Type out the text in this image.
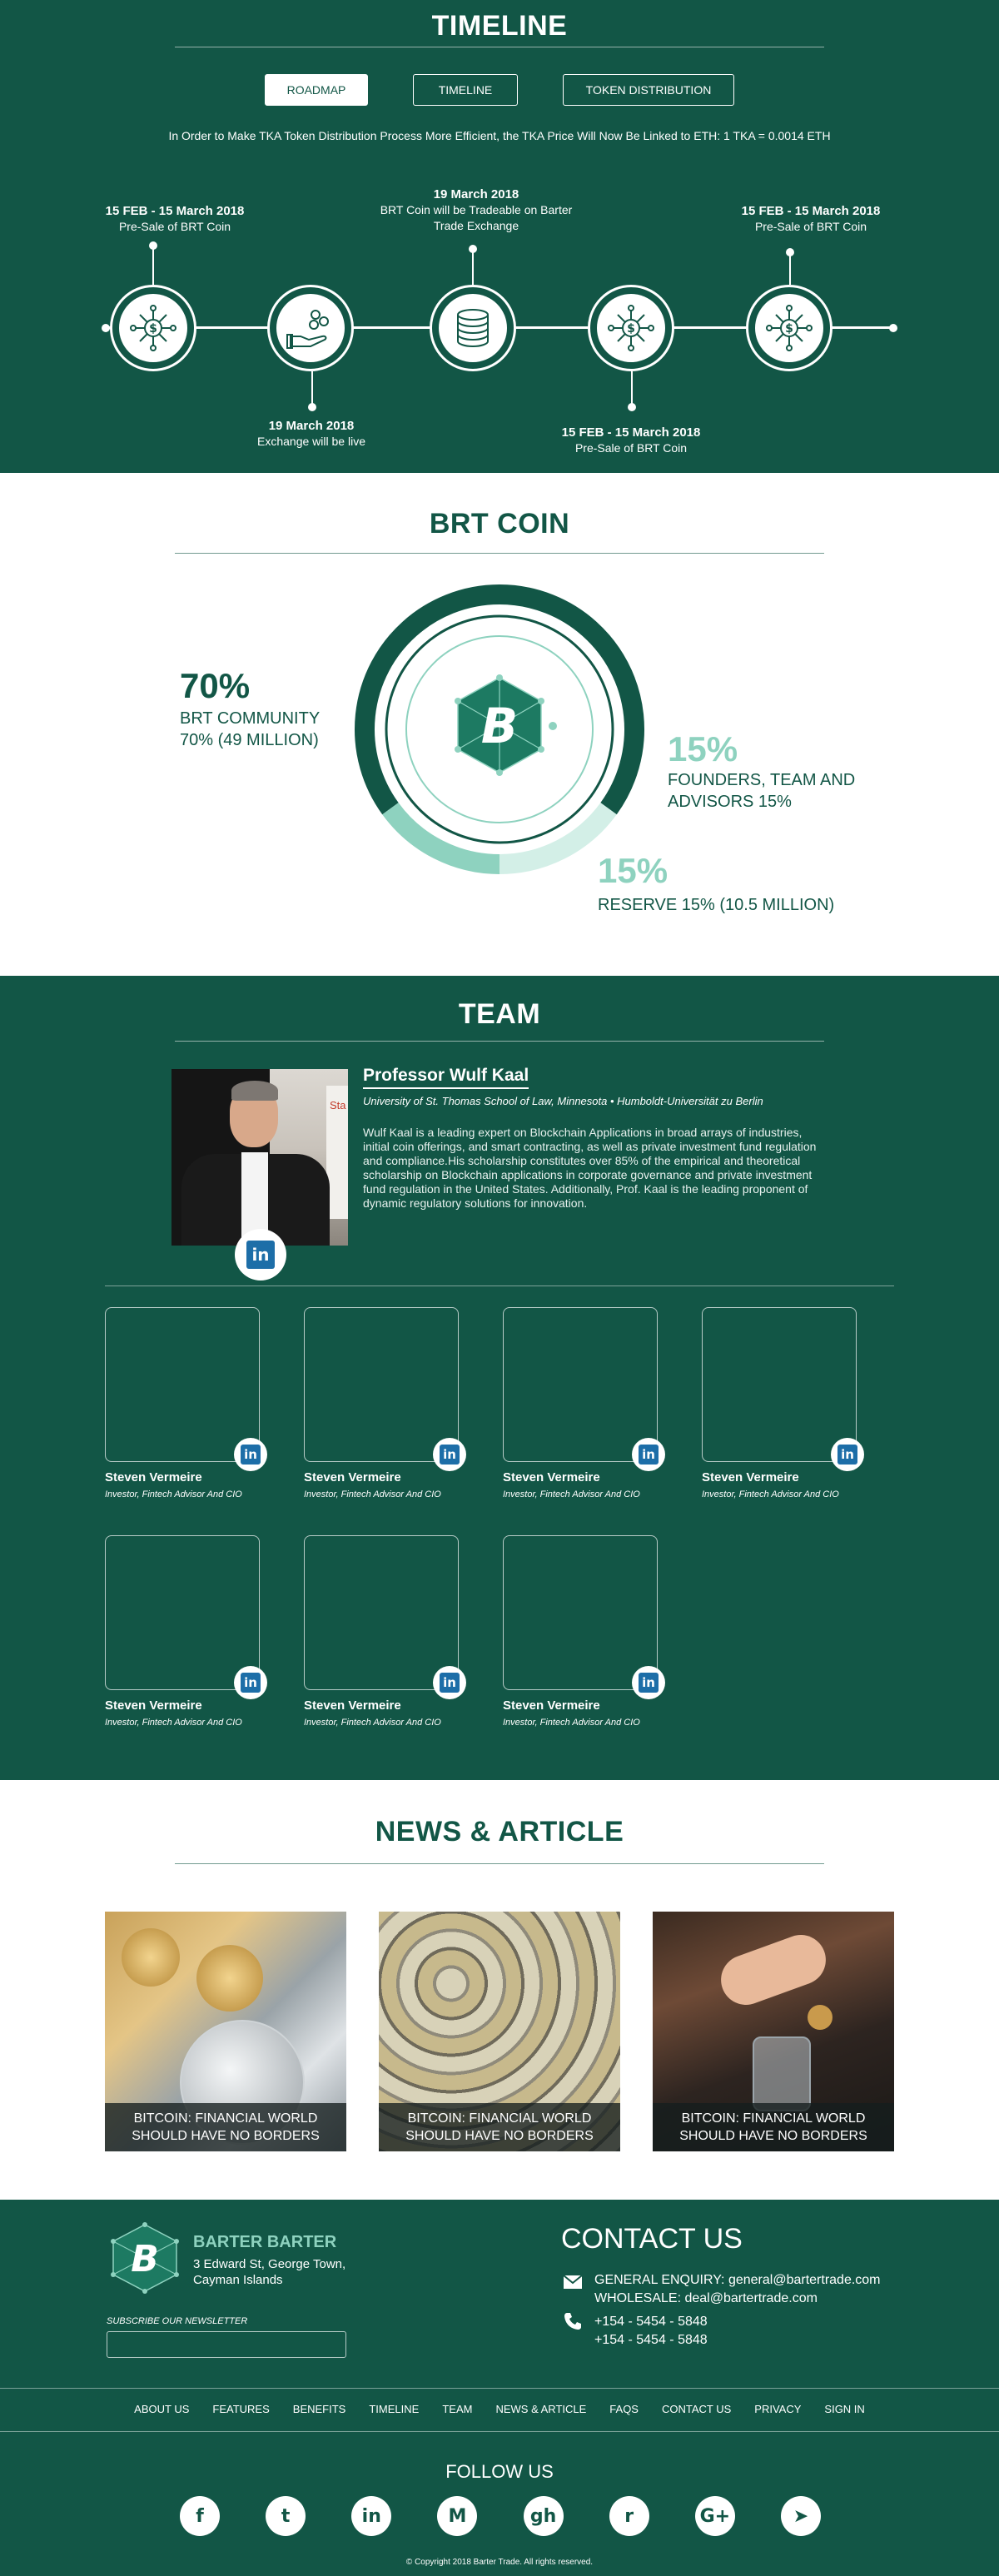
TIMELINE
ROADMAP	TIMELINE	TOKEN DISTRIBUTION

In Order to Make TKA Token Distribution Process More Efficient, the TKA Price Will Now Be Linked to ETH: 1 TKA = 0.0014 ETH

15 FEB - 15 March 2018
Pre-Sale of BRT Coin
$
19 March 2018
Exchange will be live
19 March 2018
BRT Coin will be Tradeable on Barter Trade Exchange
$
15 FEB - 15 March 2018
Pre-Sale of BRT Coin
15 FEB - 15 March 2018
Pre-Sale of BRT Coin
$
BRT COIN
B
70%
BRT COMMUNITY 70% (49 MILLION)	15%
FOUNDERS, TEAM AND ADVISORS 15%
15%
RESERVE 15% (10.5 MILLION)
TEAM
Sta
in
Professor Wulf Kaal
University of St. Thomas School of Law, Minnesota • Humboldt-Universität zu Berlin

Wulf Kaal is a leading expert on Blockchain Applications in broad arrays of industries, initial coin offerings, and smart contracting, as well as private investment fund regulation and compliance.His scholarship constitutes over 85% of the empirical and theoretical scholarship on Blockchain applications in corporate governance and private investment fund regulation in the United States. Additionally, Prof. Kaal is the leading proponent of dynamic regulatory solutions for innovation.

in
Steven Vermeire
Investor, Fintech Advisor And CIO
in
Steven Vermeire
Investor, Fintech Advisor And CIO
in
Steven Vermeire
Investor, Fintech Advisor And CIO
in
Steven Vermeire
Investor, Fintech Advisor And CIO
in
Steven Vermeire
Investor, Fintech Advisor And CIO
in
Steven Vermeire
Investor, Fintech Advisor And CIO
in
Steven Vermeire
Investor, Fintech Advisor And CIO
NEWS & ARTICLE
BITCOIN: FINANCIAL WORLD SHOULD HAVE NO BORDERS
BITCOIN: FINANCIAL WORLD SHOULD HAVE NO BORDERS
BITCOIN: FINANCIAL WORLD SHOULD HAVE NO BORDERS
B BARTER BARTER
3 Edward St, George Town,
Cayman Islands
SUBSCRIBE OUR NEWSLETTER
CONTACT US
GENERAL ENQUIRY: general@bartertrade.com
WHOLESALE: deal@bartertrade.com
+154 - 5454 - 5848
+154 - 5454 - 5848
ABOUT US FEATURES BENEFITS TIMELINE TEAM NEWS & ARTICLE FAQS CONTACT US PRIVACY SIGN IN
FOLLOW US
f	t	in	M	gh	r	G+	➤
© Copyright 2018 Barter Trade. All rights reserved.
